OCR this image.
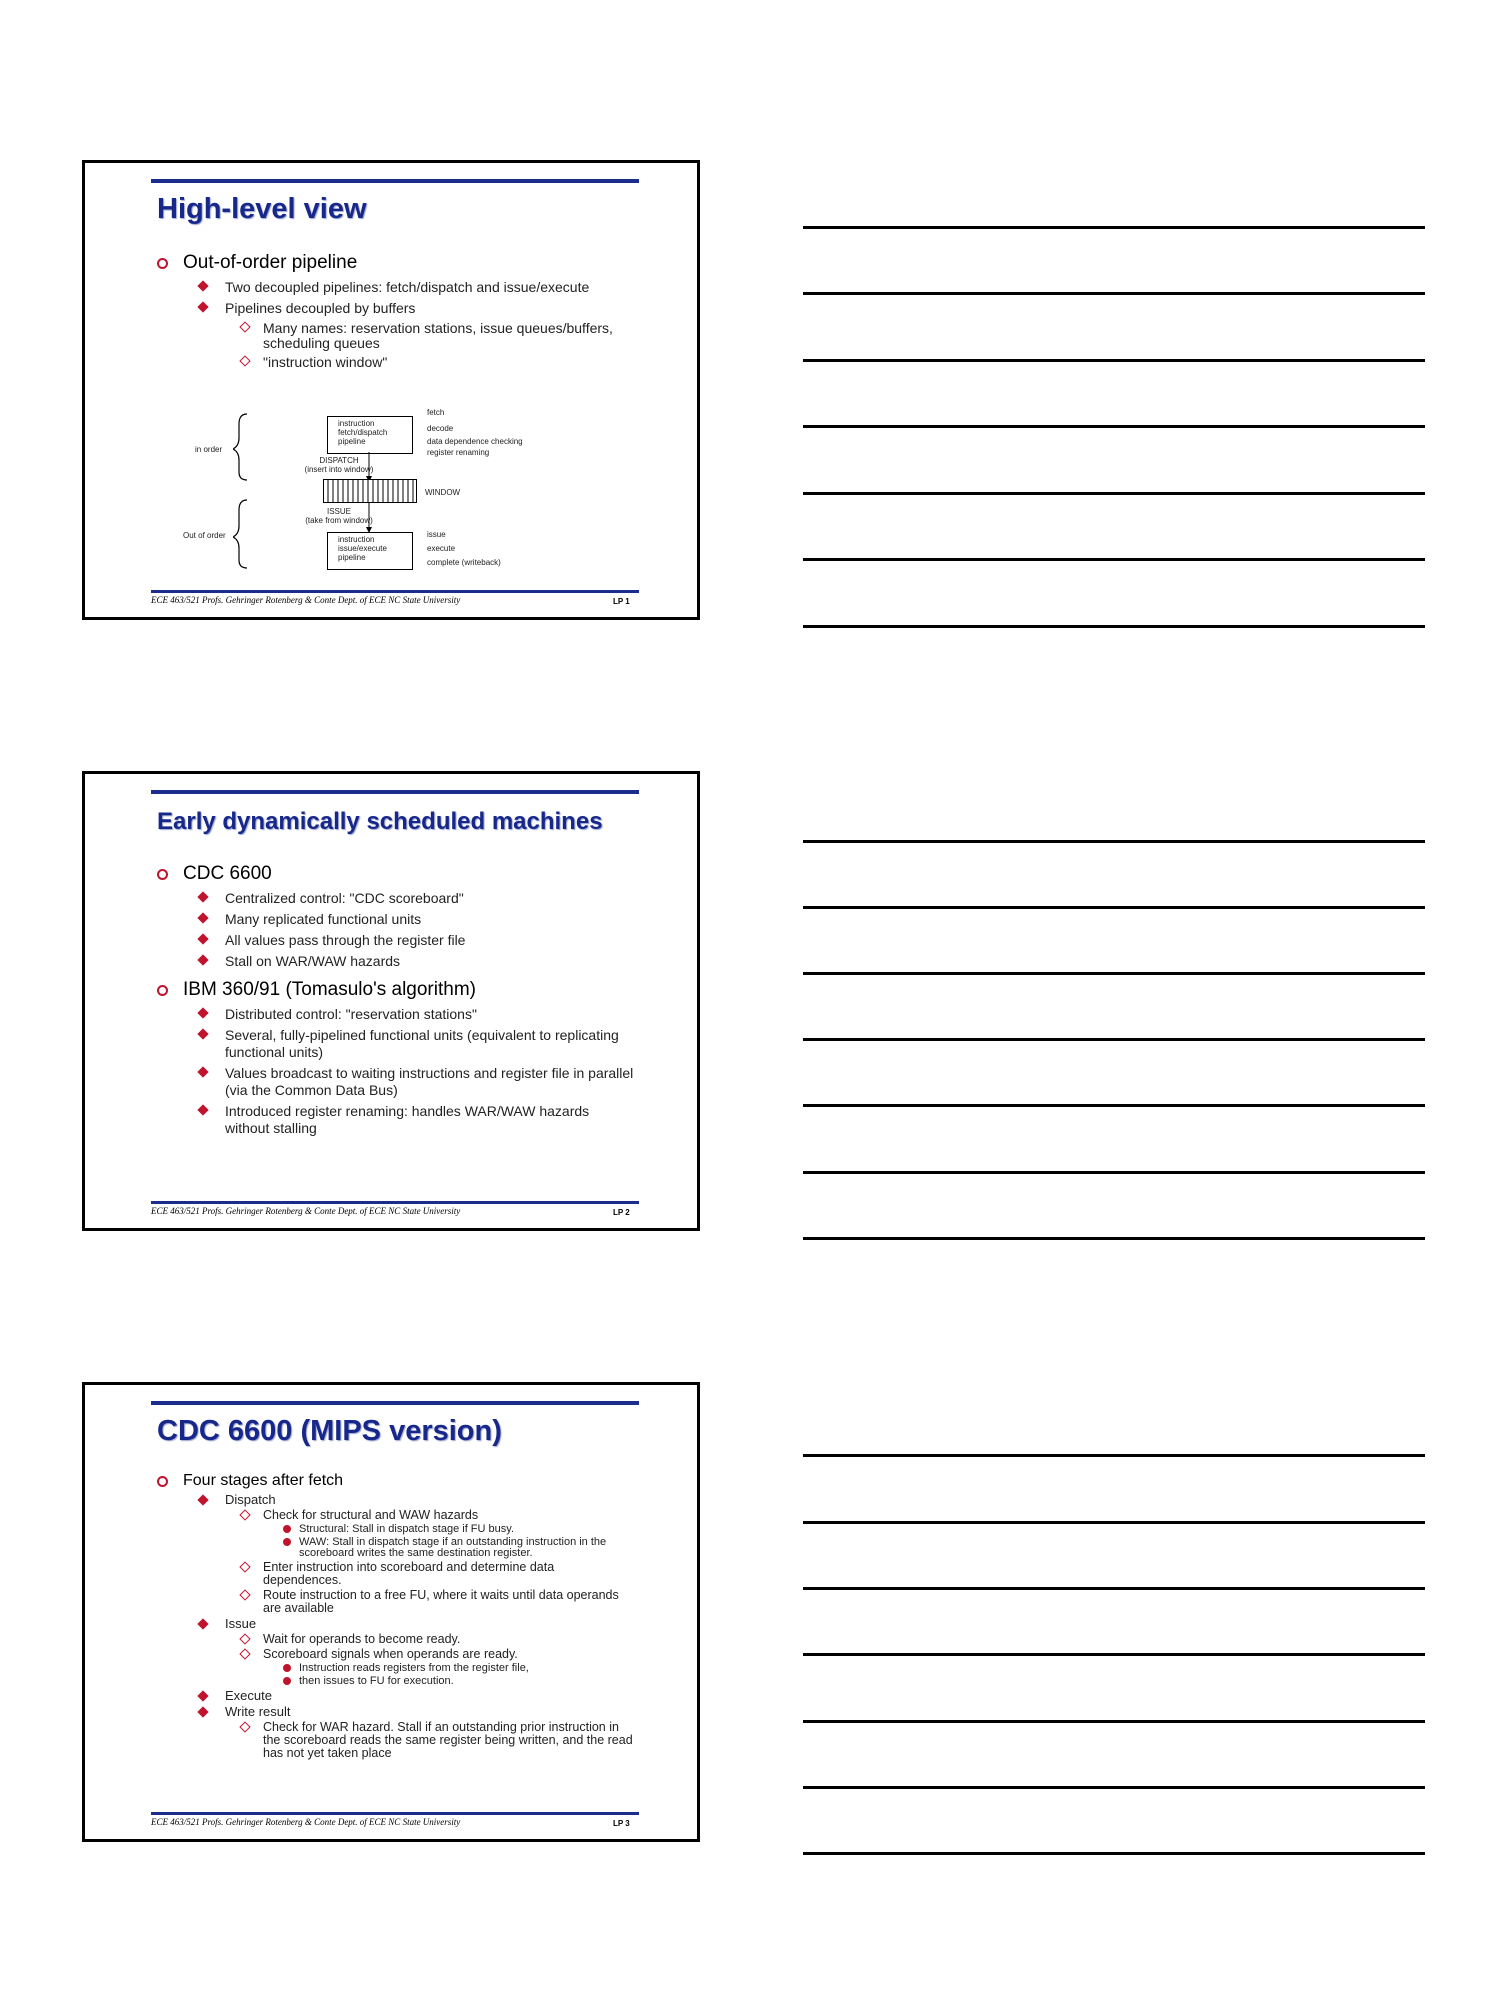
High-level view
Out-of-order pipeline
Two decoupled pipelines: fetch/dispatch and issue/execute
Pipelines decoupled by buffers
Many names: reservation stations, issue queues/buffers, scheduling queues
"instruction window"
in order
Out of order
instruction
fetch/dispatch
pipeline
DISPATCH
(insert into window)
WINDOW
ISSUE
(take from window)
instruction
issue/execute
pipeline
fetch
decode
data dependence checking
register renaming
issue
execute
complete (writeback)
ECE 463/521 Profs. Gehringer Rotenberg & Conte Dept. of ECE NC State University	LP 1
Early dynamically scheduled machines
CDC 6600
Centralized control: "CDC scoreboard"
Many replicated functional units
All values pass through the register file
Stall on WAR/WAW hazards
IBM 360/91 (Tomasulo's algorithm)
Distributed control: "reservation stations"
Several, fully-pipelined functional units (equivalent to replicating functional units)
Values broadcast to waiting instructions and register file in parallel (via the Common Data Bus)
Introduced register renaming: handles WAR/WAW hazards without stalling
ECE 463/521 Profs. Gehringer Rotenberg & Conte Dept. of ECE NC State University	LP 2
CDC 6600 (MIPS version)
Four stages after fetch
Dispatch
Check for structural and WAW hazards
Structural: Stall in dispatch stage if FU busy.
WAW: Stall in dispatch stage if an outstanding instruction in the scoreboard writes the same destination register.
Enter instruction into scoreboard and determine data dependences.
Route instruction to a free FU, where it waits until data operands are available
Issue
Wait for operands to become ready.
Scoreboard signals when operands are ready.
Instruction reads registers from the register file,
then issues to FU for execution.
Execute
Write result
Check for WAR hazard. Stall if an outstanding prior instruction in the scoreboard reads the same register being written, and the read has not yet taken place
ECE 463/521 Profs. Gehringer Rotenberg & Conte Dept. of ECE NC State University	LP 3
